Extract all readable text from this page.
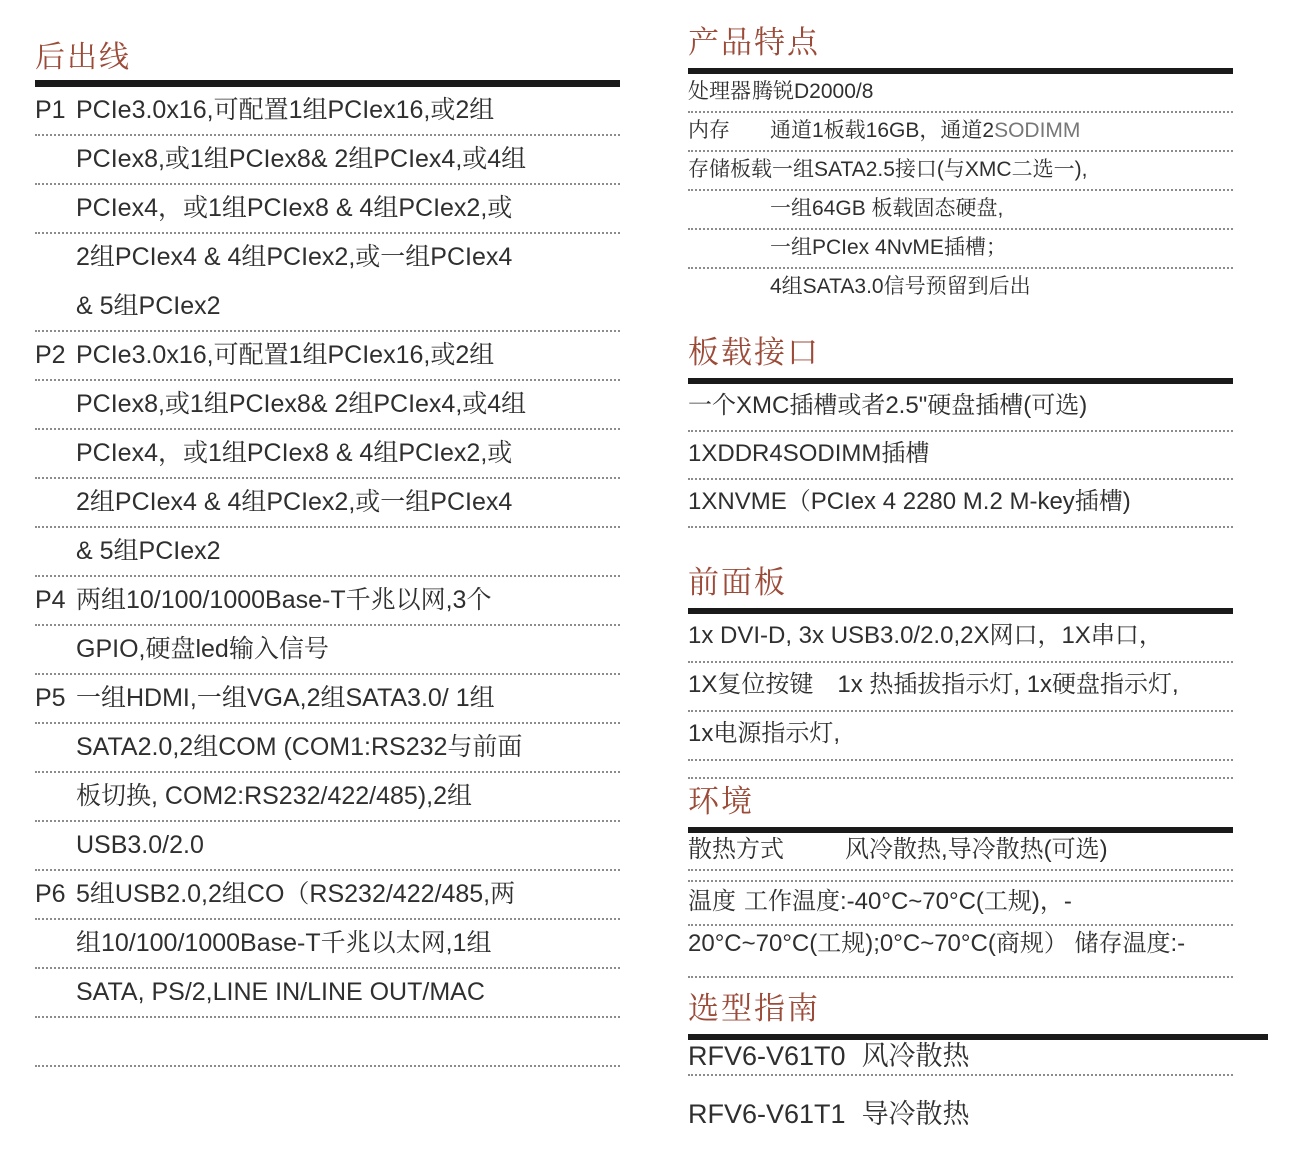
后出线
P1 PCIe3.0x16,可配置1组PCIex16,或2组
PCIex8,或1组PCIex8& 2组PCIex4,或4组
PCIex4，或1组PCIex8 & 4组PCIex2,或
2组PCIex4 & 4组PCIex2,或一组PCIex4
& 5组PCIex2
P2 PCIe3.0x16,可配置1组PCIex16,或2组
PCIex8,或1组PCIex8& 2组PCIex4,或4组
PCIex4，或1组PCIex8 & 4组PCIex2,或
2组PCIex4 & 4组PCIex2,或一组PCIex4
& 5组PCIex2
P4 两组10/100/1000Base-T千兆以网,3个
GPIO,硬盘led输入信号
P5 一组HDMI,一组VGA,2组SATA3.0/ 1组
SATA2.0,2组COM (COM1:RS232与前面
板切换, COM2:RS232/422/485),2组
USB3.0/2.0
P6 5组USB2.0,2组CO（RS232/422/485,两
组10/100/1000Base-T千兆以太网,1组
SATA, PS/2,LINE IN/LINE OUT/MAC
产品特点
处理器腾锐D2000/8
内存 通道1板载16GB，通道2SODIMM
存储板载一组SATA2.5接口(与XMC二选一),
一组64GB 板载固态硬盘,
一组PCIex 4NvME插槽；
4组SATA3.0信号预留到后出
板载接口
一个XMC插槽或者2.5"硬盘插槽(可选)
1XDDR4SODIMM插槽
1XNVME（PCIex 4 2280 M.2 M-key插槽)
前面板
1x DVI-D, 3x USB3.0/2.0,2X网口，1X串口，
1X复位按键　1x 热插拔指示灯, 1x硬盘指示灯,
1x电源指示灯,
环境
散热方式	风冷散热,导冷散热(可选)
温度 工作温度:-40°C~70°C(工规)，-
20°C~70°C(工规);0°C~70°C(商规） 储存温度:-
选型指南
RFV6-V61T0 风冷散热
RFV6-V61T1 导冷散热
